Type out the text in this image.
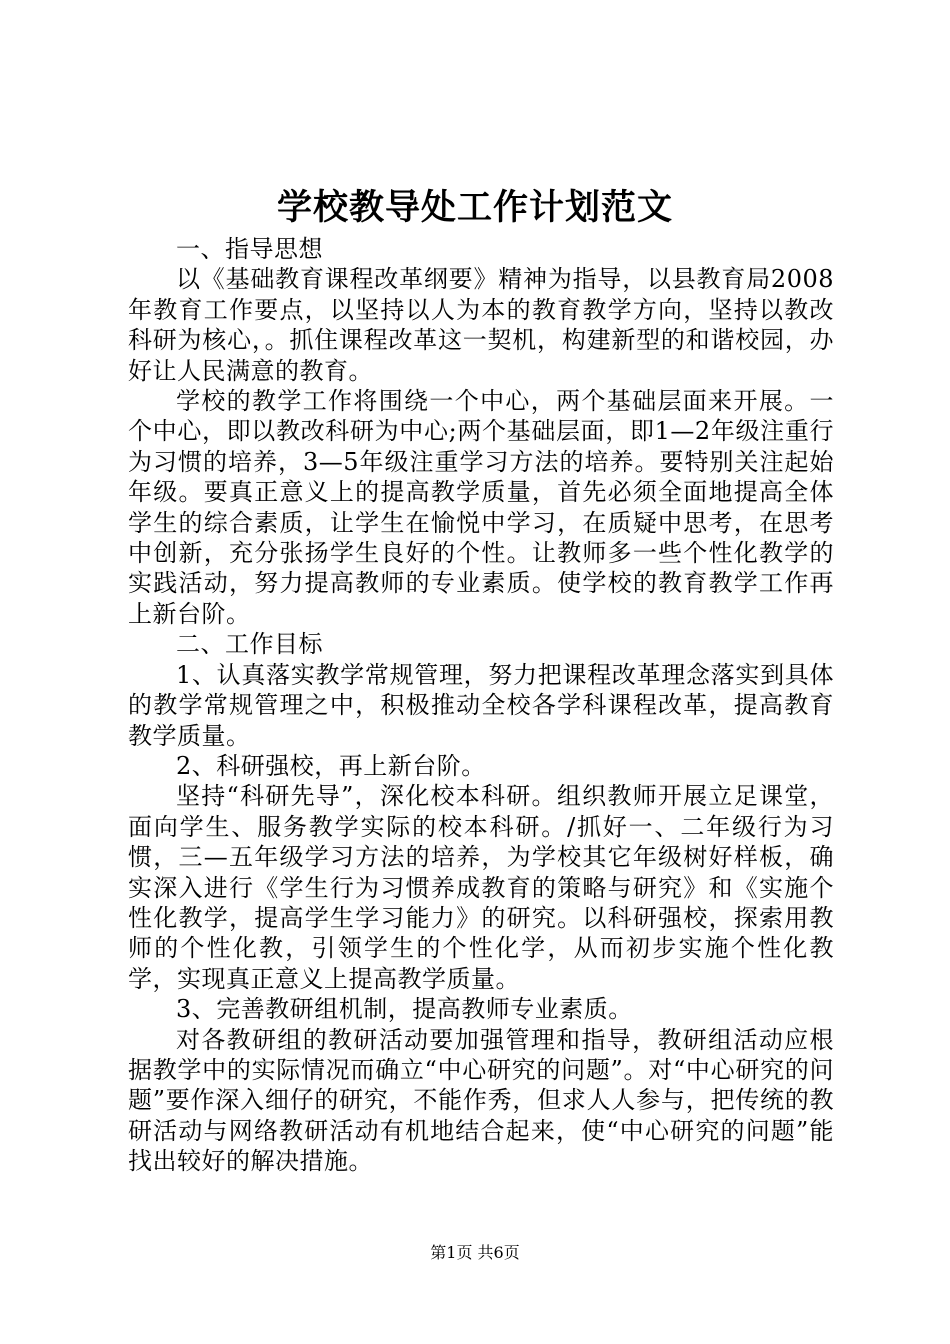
学校教导处工作计划范文

一、指导思想

以《基础教育课程改革纲要》精神为指导，以县教育局2008年教育工作要点，以坚持以人为本的教育教学方向，坚持以教改科研为核心，。抓住课程改革这一契机，构建新型的和谐校园，办好让人民满意的教育。

学校的教学工作将围绕一个中心，两个基础层面来开展。一个中心，即以教改科研为中心;两个基础层面，即1—2年级注重行为习惯的培养，3—5年级注重学习方法的培养。要特别关注起始年级。要真正意义上的提高教学质量，首先必须全面地提高全体学生的综合素质，让学生在愉悦中学习，在质疑中思考，在思考中创新，充分张扬学生良好的个性。让教师多一些个性化教学的实践活动，努力提高教师的专业素质。使学校的教育教学工作再上新台阶。

二、工作目标

1、认真落实教学常规管理，努力把课程改革理念落实到具体的教学常规管理之中，积极推动全校各学科课程改革，提高教育教学质量。

2、科研强校，再上新台阶。

坚持“科研先导”，深化校本科研。组织教师开展立足课堂，面向学生、服务教学实际的校本科研。/抓好一、二年级行为习惯，三—五年级学习方法的培养，为学校其它年级树好样板，确实深入进行《学生行为习惯养成教育的策略与研究》和《实施个性化教学，提高学生学习能力》的研究。以科研强校，探索用教师的个性化教，引领学生的个性化学，从而初步实施个性化教学，实现真正意义上提高教学质量。

3、完善教研组机制，提高教师专业素质。

对各教研组的教研活动要加强管理和指导，教研组活动应根据教学中的实际情况而确立“中心研究的问题”。对“中心研究的问题”要作深入细仔的研究，不能作秀，但求人人参与，把传统的教研活动与网络教研活动有机地结合起来，使“中心研究的问题”能找出较好的解决措施。

第1页 共6页
